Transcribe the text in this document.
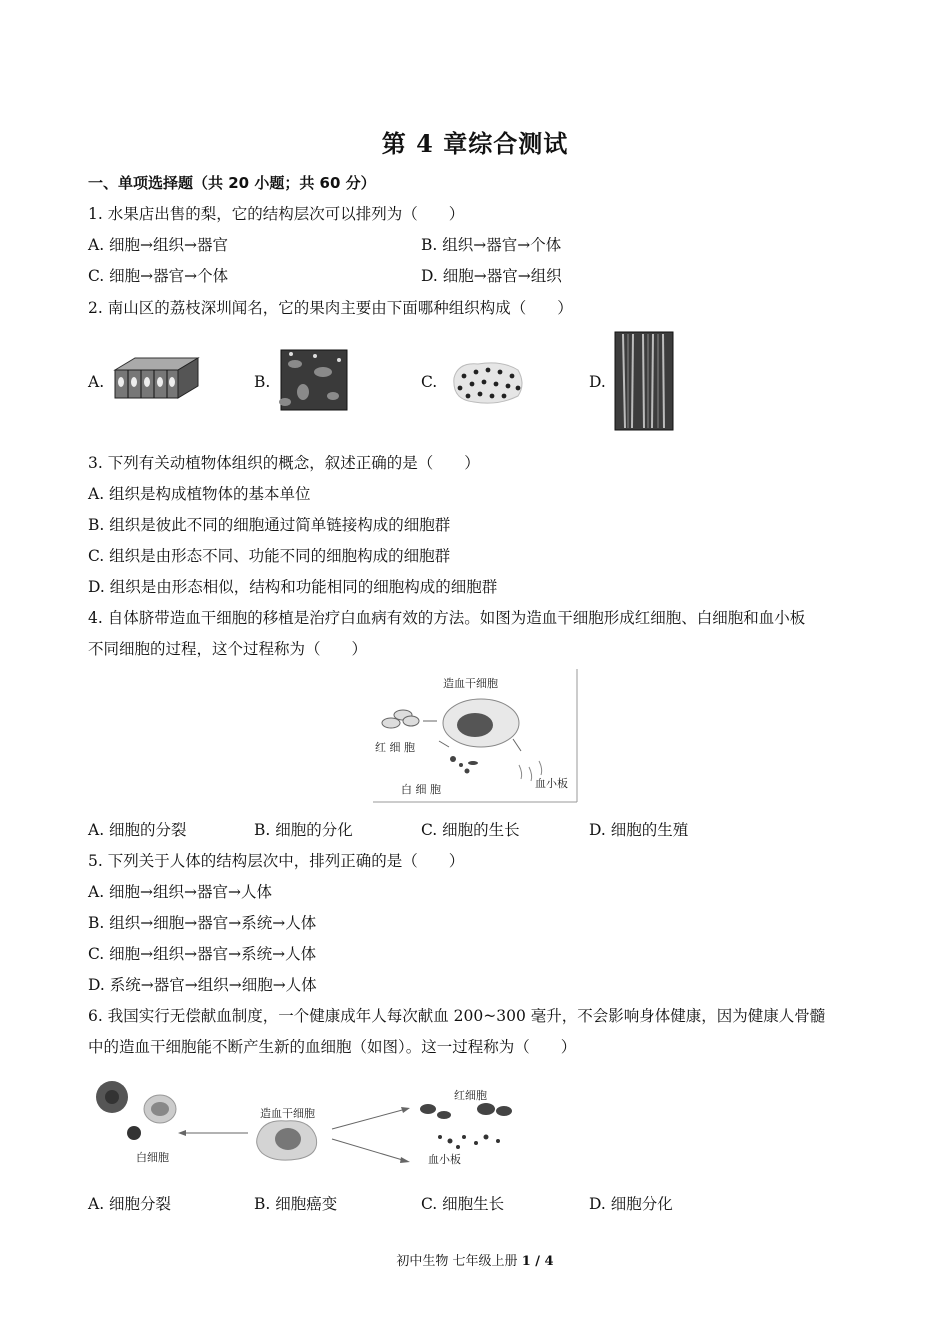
第 4 章综合测试
一、单项选择题（共 20 小题；共 60 分）
1. 水果店出售的梨，它的结构层次可以排列为（　　）
A. 细胞→组织→器官	B. 组织→器官→个体
C. 细胞→器官→个体	D. 细胞→器官→组织
2. 南山区的荔枝深圳闻名，它的果肉主要由下面哪种组织构成（　　）
A.	B.	C.	D.
3. 下列有关动植物体组织的概念，叙述正确的是（　　）
A. 组织是构成植物体的基本单位
B. 组织是彼此不同的细胞通过简单链接构成的细胞群
C. 组织是由形态不同、功能不同的细胞构成的细胞群
D. 组织是由形态相似，结构和功能相同的细胞构成的细胞群
4. 自体脐带造血干细胞的移植是治疗白血病有效的方法。如图为造血干细胞形成红细胞、白细胞和血小板
不同细胞的过程，这个过程称为（　　）
造血干细胞
红 细 胞
白 细 胞	血小板
A. 细胞的分裂	B. 细胞的分化	C. 细胞的生长	D. 细胞的生殖
5. 下列关于人体的结构层次中，排列正确的是（　　）
A. 细胞→组织→器官→人体
B. 组织→细胞→器官→系统→人体
C. 细胞→组织→器官→系统→人体
D. 系统→器官→组织→细胞→人体
6. 我国实行无偿献血制度，一个健康成年人每次献血 200~300 毫升，不会影响身体健康，因为健康人骨髓
中的造血干细胞能不断产生新的血细胞（如图）。这一过程称为（　　）
白细胞
造血干细胞
红细胞
血小板
A. 细胞分裂	B. 细胞癌变	C. 细胞生长	D. 细胞分化
初中生物 七年级上册 1 / 4
